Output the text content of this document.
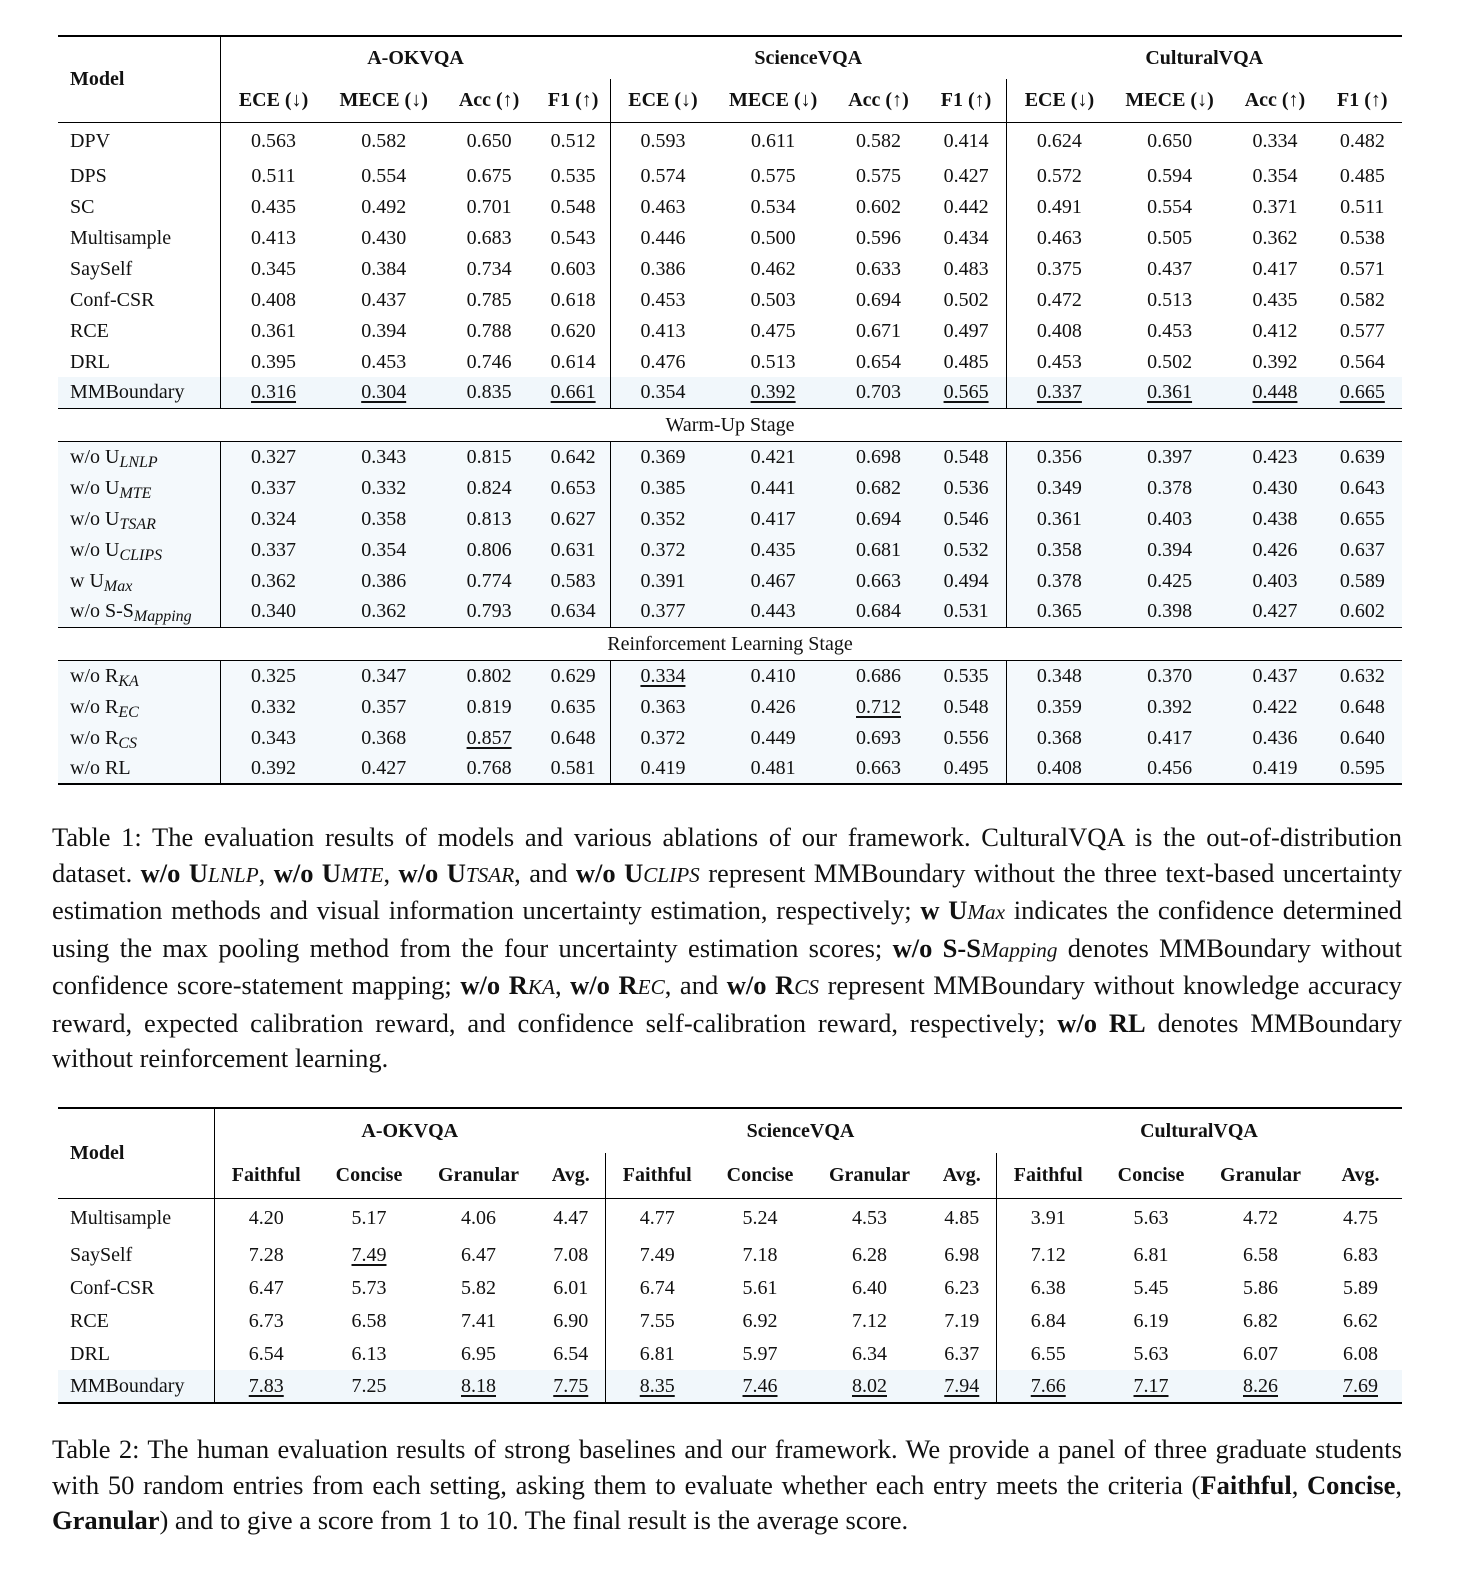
Model	A-OKVQA				ScienceVQA				CulturalVQA			
	ECE (↓)	MECE (↓)	Acc (↑)	F1 (↑)	ECE (↓)	MECE (↓)	Acc (↑)	F1 (↑)	ECE (↓)	MECE (↓)	Acc (↑)	F1 (↑)
DPV	0.563	0.582	0.650	0.512	0.593	0.611	0.582	0.414	0.624	0.650	0.334	0.482
DPS	0.511	0.554	0.675	0.535	0.574	0.575	0.575	0.427	0.572	0.594	0.354	0.485
SC	0.435	0.492	0.701	0.548	0.463	0.534	0.602	0.442	0.491	0.554	0.371	0.511
Multisample	0.413	0.430	0.683	0.543	0.446	0.500	0.596	0.434	0.463	0.505	0.362	0.538
SaySelf	0.345	0.384	0.734	0.603	0.386	0.462	0.633	0.483	0.375	0.437	0.417	0.571
Conf-CSR	0.408	0.437	0.785	0.618	0.453	0.503	0.694	0.502	0.472	0.513	0.435	0.582
RCE	0.361	0.394	0.788	0.620	0.413	0.475	0.671	0.497	0.408	0.453	0.412	0.577
DRL	0.395	0.453	0.746	0.614	0.476	0.513	0.654	0.485	0.453	0.502	0.392	0.564
MMBoundary	0.316	0.304	0.835	0.661	0.354	0.392	0.703	0.565	0.337	0.361	0.448	0.665
Warm-Up Stage												
w/o $U_{LNLP}$	0.327	0.343	0.815	0.642	0.369	0.421	0.698	0.548	0.356	0.397	0.423	0.639
w/o $U_{MTE}$	0.337	0.332	0.824	0.653	0.385	0.441	0.682	0.536	0.349	0.378	0.430	0.643
w/o $U_{TSAR}$	0.324	0.358	0.813	0.627	0.352	0.417	0.694	0.546	0.361	0.403	0.438	0.655
w/o $U_{CLIPS}$	0.337	0.354	0.806	0.631	0.372	0.435	0.681	0.532	0.358	0.394	0.426	0.637
w $U_{Max}$	0.362	0.386	0.774	0.583	0.391	0.467	0.663	0.494	0.378	0.425	0.403	0.589
w/o $S-S_{Mapping}$	0.340	0.362	0.793	0.634	0.377	0.443	0.684	0.531	0.365	0.398	0.427	0.602
Reinforcement Learning Stage												
w/o $R_{KA}$	0.325	0.347	0.802	0.629	0.334	0.410	0.686	0.535	0.348	0.370	0.437	0.632
w/o $R_{EC}$	0.332	0.357	0.819	0.635	0.363	0.426	0.712	0.548	0.359	0.392	0.422	0.648
w/o $R_{CS}$	0.343	0.368	0.857	0.648	0.372	0.449	0.693	0.556	0.368	0.417	0.436	0.640
w/o RL	0.392	0.427	0.768	0.581	0.419	0.481	0.663	0.495	0.408	0.456	0.419	0.595
Table 1: The evaluation results of models and various ablations of our framework. CulturalVQA is the out-of-distribution dataset. w/o ULNLP, w/o UMTE, w/o UTSAR, and w/o UCLIPS represent MMBoundary without the three text-based uncertainty estimation methods and visual information uncertainty estimation, respectively; w UMax indicates the confidence determined using the max pooling method from the four uncertainty estimation scores; w/o S-SMapping denotes MMBoundary without confidence score-statement mapping; w/o RKA, w/o REC, and w/o RCS represent MMBoundary without knowledge accuracy reward, expected calibration reward, and confidence self-calibration reward, respectively; w/o RL denotes MMBoundary without reinforcement learning.
Model	A-OKVQA				ScienceVQA				CulturalVQA			
	Faithful	Concise	Granular	Avg.	Faithful	Concise	Granular	Avg.	Faithful	Concise	Granular	Avg.
Multisample	4.20	5.17	4.06	4.47	4.77	5.24	4.53	4.85	3.91	5.63	4.72	4.75
SaySelf	7.28	7.49	6.47	7.08	7.49	7.18	6.28	6.98	7.12	6.81	6.58	6.83
Conf-CSR	6.47	5.73	5.82	6.01	6.74	5.61	6.40	6.23	6.38	5.45	5.86	5.89
RCE	6.73	6.58	7.41	6.90	7.55	6.92	7.12	7.19	6.84	6.19	6.82	6.62
DRL	6.54	6.13	6.95	6.54	6.81	5.97	6.34	6.37	6.55	5.63	6.07	6.08
MMBoundary	7.83	7.25	8.18	7.75	8.35	7.46	8.02	7.94	7.66	7.17	8.26	7.69
Table 2: The human evaluation results of strong baselines and our framework. We provide a panel of three graduate students with 50 random entries from each setting, asking them to evaluate whether each entry meets the criteria (Faithful, Concise, Granular) and to give a score from 1 to 10. The final result is the average score.
